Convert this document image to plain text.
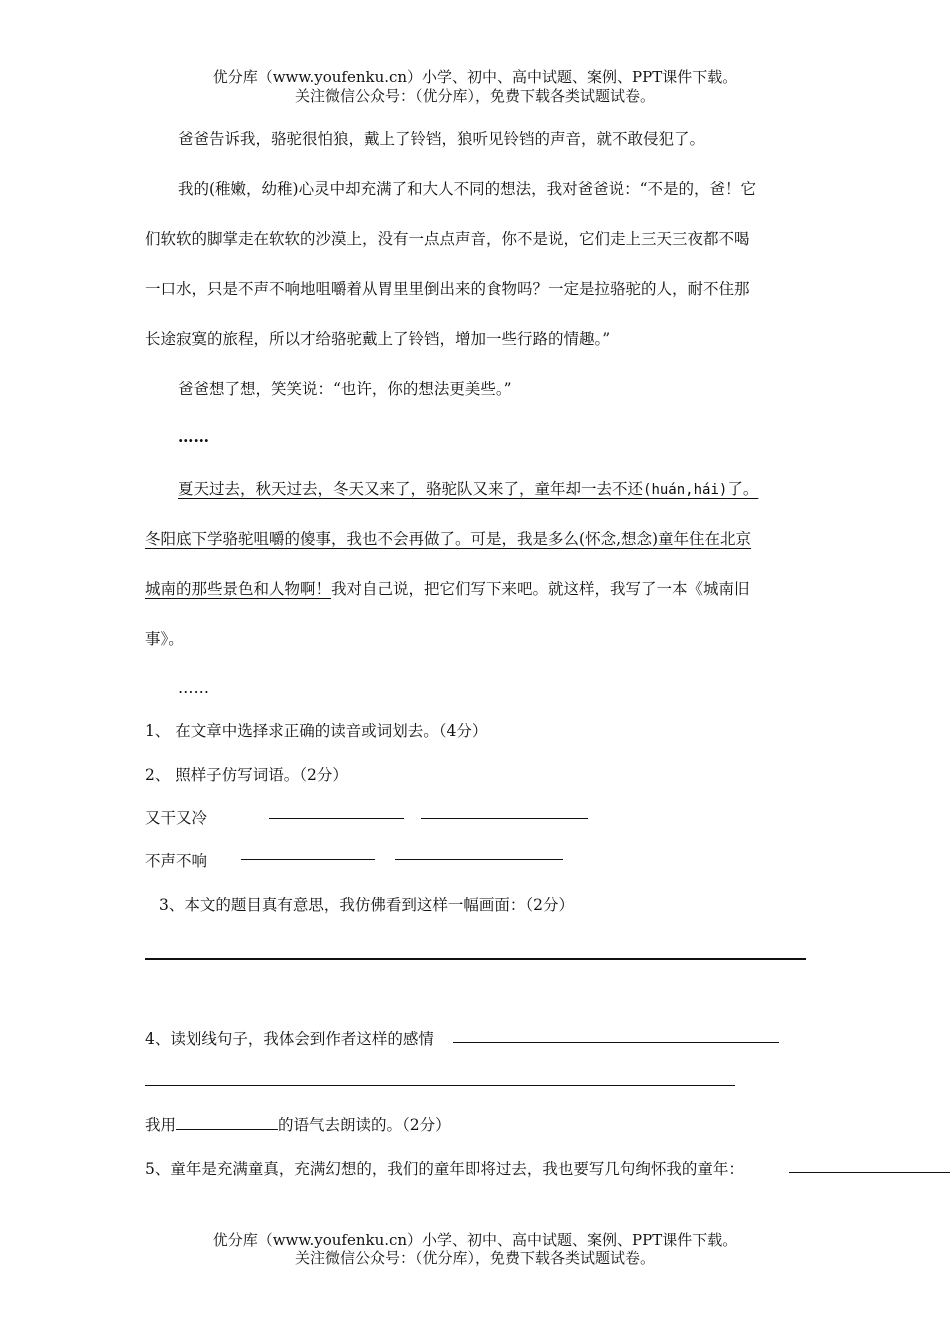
优分库（www.youfenku.cn）小学、初中、高中试题、案例、PPT课件下载。
关注微信公众号：（优分库），免费下载各类试题试卷。
爸爸告诉我，骆驼很怕狼，戴上了铃铛，狼听见铃铛的声音，就不敢侵犯了。
我的(稚嫩，幼稚)心灵中却充满了和大人不同的想法，我对爸爸说：“不是的，爸！它
们软软的脚掌走在软软的沙漠上，没有一点点声音，你不是说，它们走上三天三夜都不喝
一口水，只是不声不响地咀嚼着从胃里里倒出来的食物吗？一定是拉骆驼的人，耐不住那
长途寂寞的旅程，所以才给骆驼戴上了铃铛，增加一些行路的情趣。”
爸爸想了想，笑笑说：“也许，你的想法更美些。”
……
夏天过去，秋天过去，冬天又来了，骆驼队又来了，童年却一去不还(huán,hái)了。
冬阳底下学骆驼咀嚼的傻事，我也不会再做了。可是，我是多么(怀念,想念)童年住在北京
城南的那些景色和人物啊！我对自己说，把它们写下来吧。就这样，我写了一本《城南旧
事》。
……
1、 在文章中选择求正确的读音或词划去。（4分）
2、 照样子仿写词语。（2分）
又干又冷
不声不响
3、本文的题目真有意思，我仿佛看到这样一幅画面：（2分）
4、读划线句子，我体会到作者这样的感情
我用	的语气去朗读的。（2分）
5、童年是充满童真，充满幻想的，我们的童年即将过去，我也要写几句绚怀我的童年：
优分库（www.youfenku.cn）小学、初中、高中试题、案例、PPT课件下载。
关注微信公众号：（优分库），免费下载各类试题试卷。
